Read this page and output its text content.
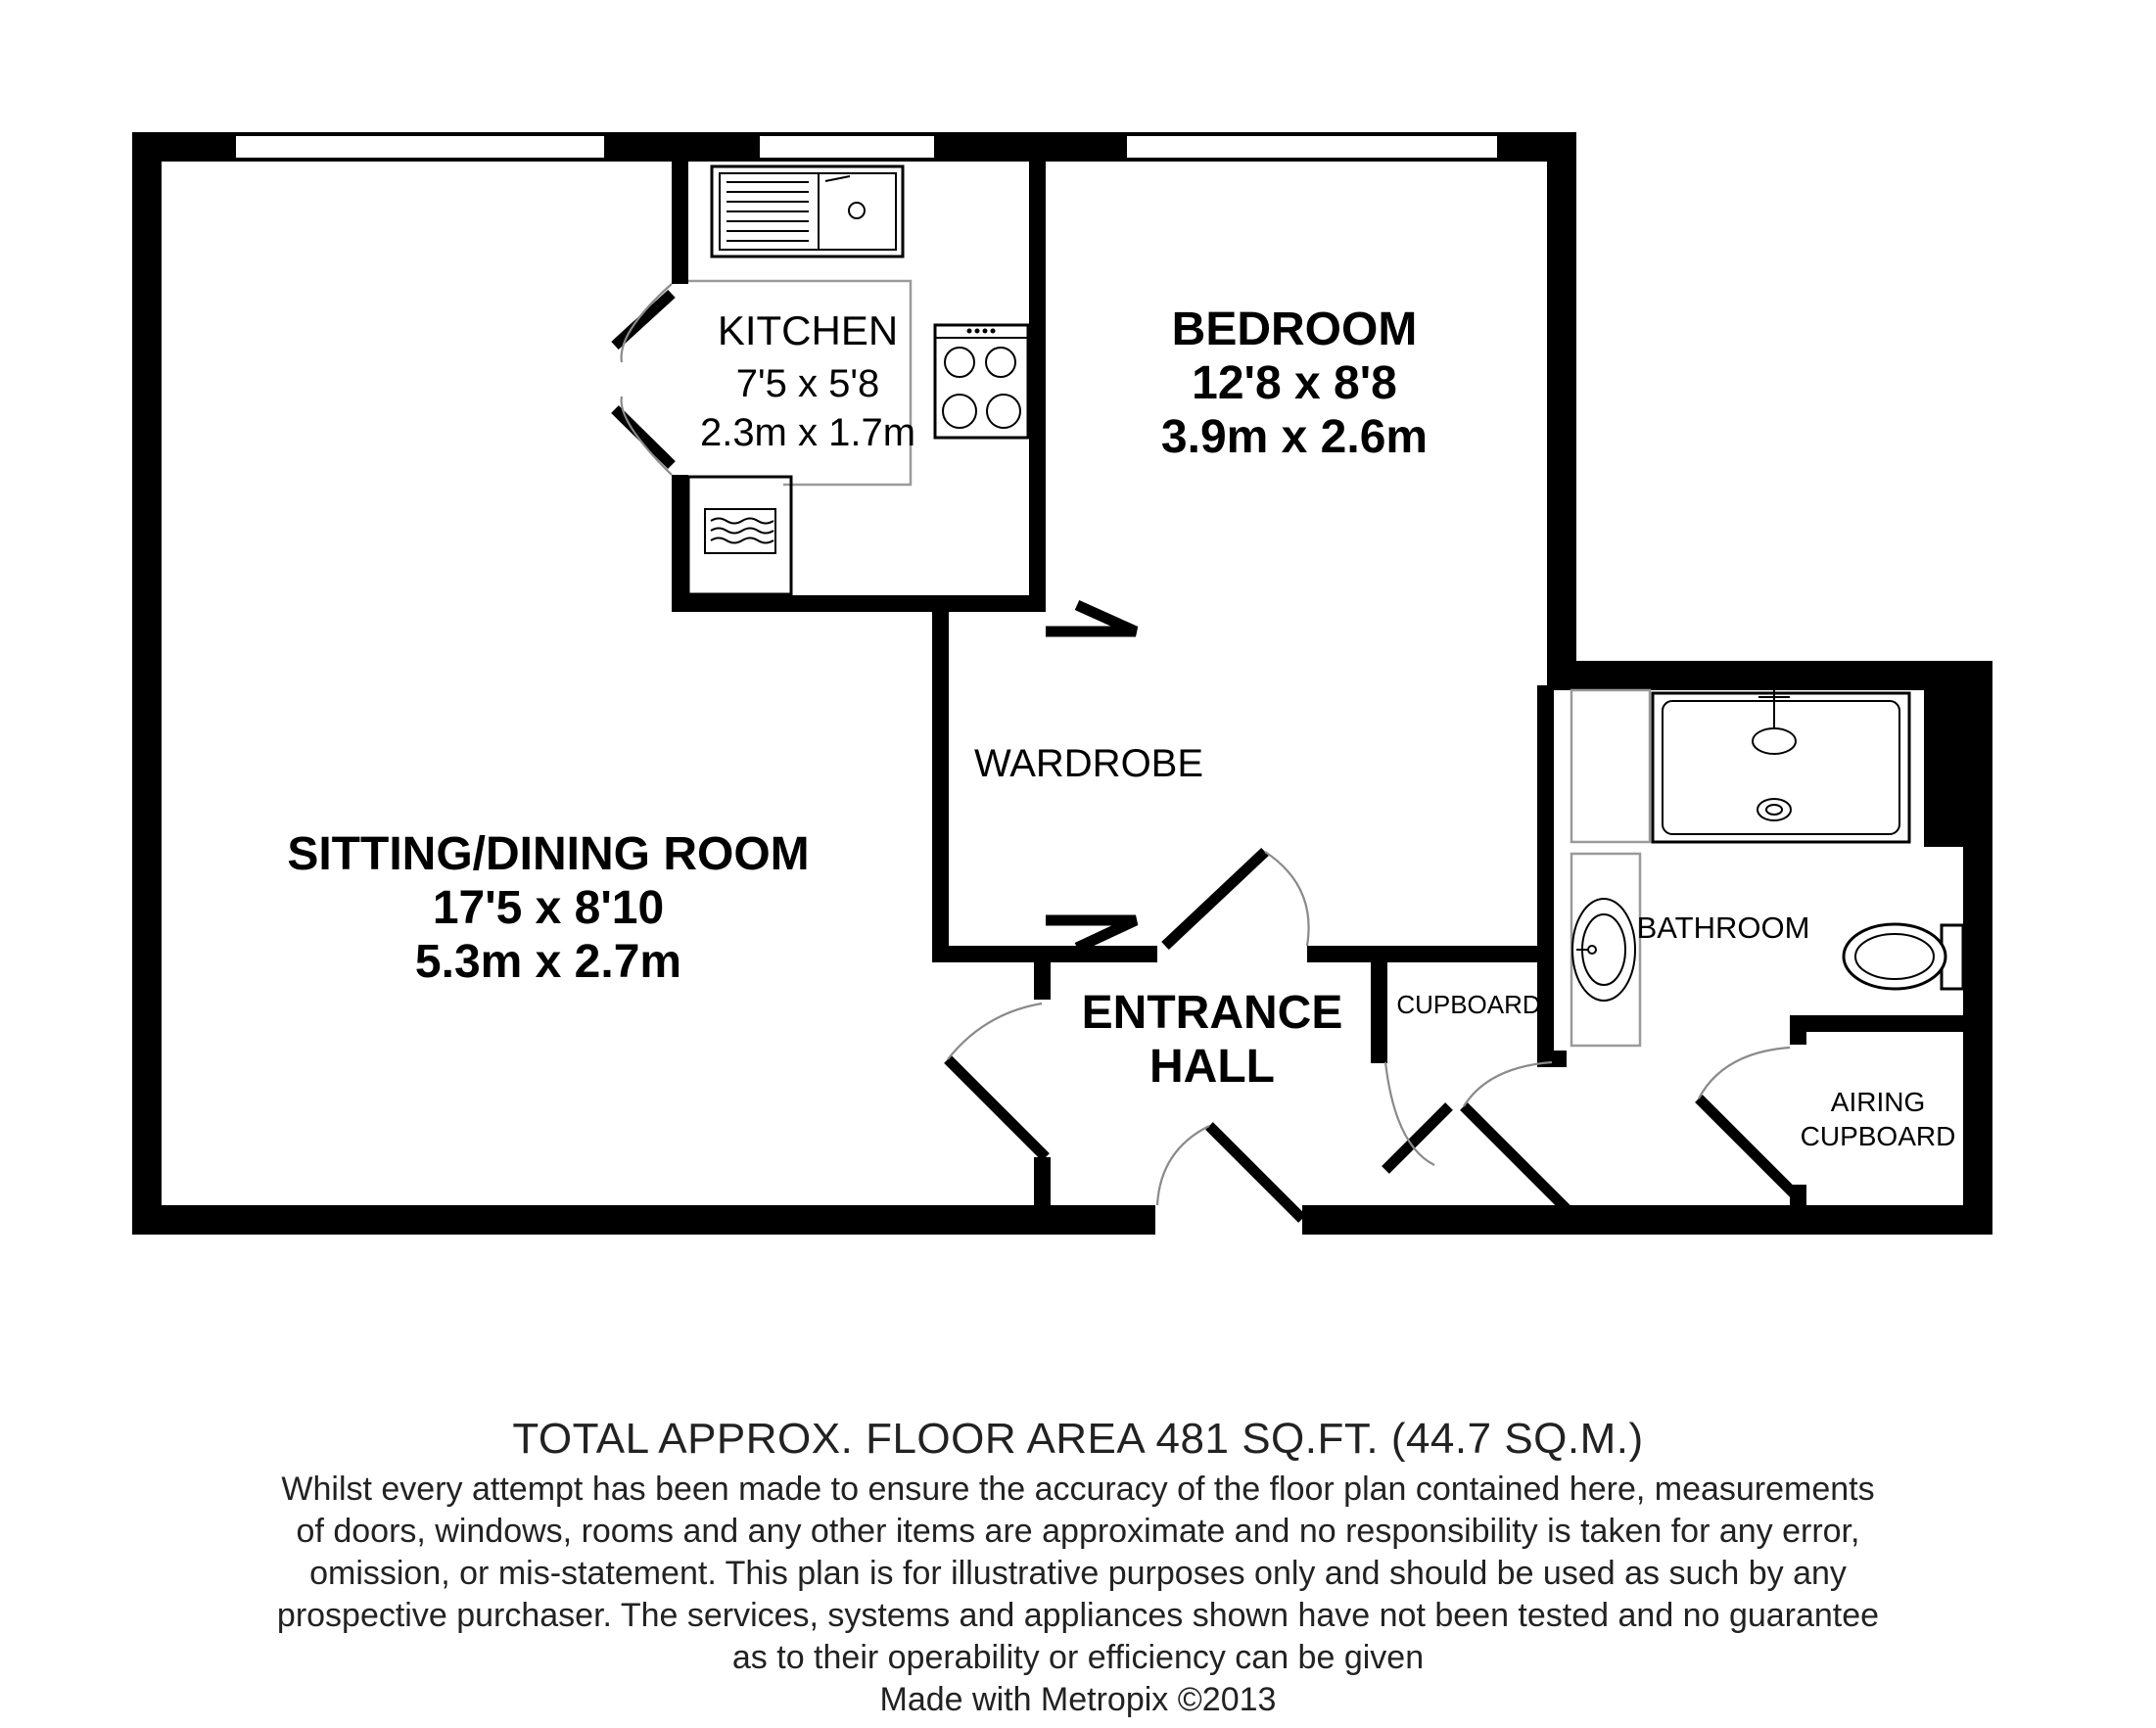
KITCHEN
7'5 x 5'8
2.3m x 1.7m
BEDROOM
12'8 x 8'8
3.9m x 2.6m
SITTING/DINING ROOM
17'5 x 8'10
5.3m x 2.7m
WARDROBE
ENTRANCE
HALL
CUPBOARD
BATHROOM
AIRING
CUPBOARD
TOTAL APPROX. FLOOR AREA 481 SQ.FT. (44.7 SQ.M.)
Whilst every attempt has been made to ensure the accuracy of the floor plan contained here, measurements
of doors, windows, rooms and any other items are approximate and no responsibility is taken for any error,
omission, or mis-statement. This plan is for illustrative purposes only and should be used as such by any
prospective purchaser. The services, systems and appliances shown have not been tested and no guarantee
as to their operability or efficiency can be given
Made with Metropix ©2013
